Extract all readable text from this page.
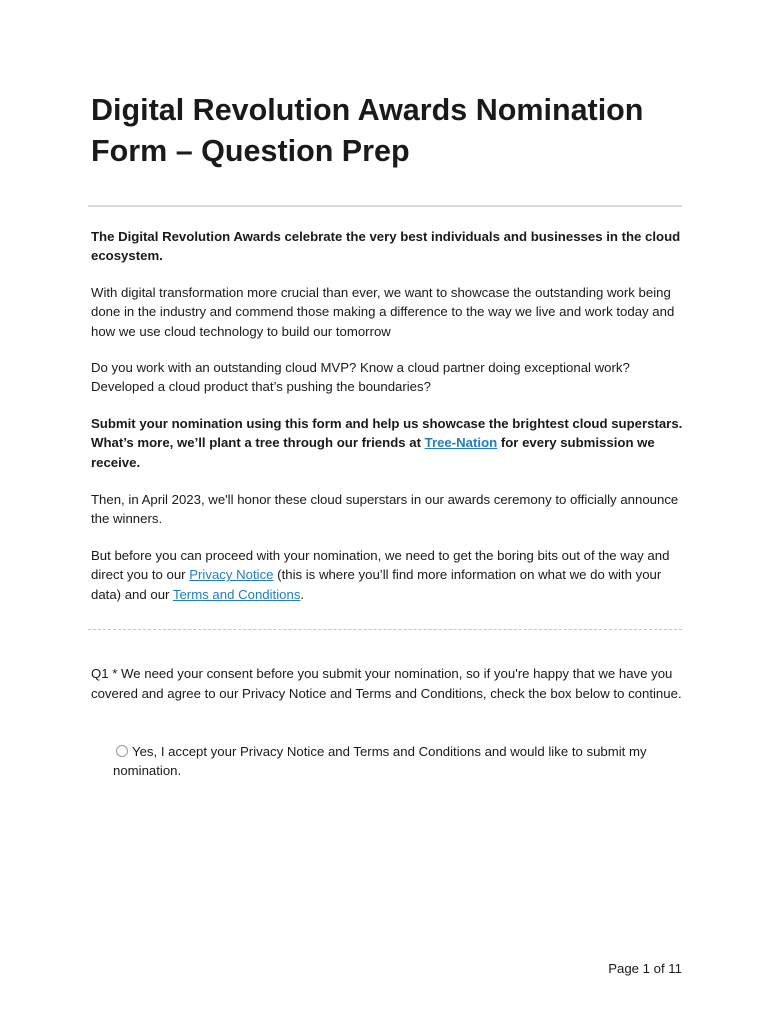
Digital Revolution Awards Nomination Form – Question Prep

The Digital Revolution Awards celebrate the very best individuals and businesses in the cloud ecosystem.

With digital transformation more crucial than ever, we want to showcase the outstanding work being done in the industry and commend those making a difference to the way we live and work today and how we use cloud technology to build our tomorrow

Do you work with an outstanding cloud MVP? Know a cloud partner doing exceptional work? Developed a cloud product that’s pushing the boundaries?

Submit your nomination using this form and help us showcase the brightest cloud superstars. What’s more, we’ll plant a tree through our friends at Tree-Nation for every submission we receive.

Then, in April 2023, we'll honor these cloud superstars in our awards ceremony to officially announce the winners.

But before you can proceed with your nomination, we need to get the boring bits out of the way and direct you to our Privacy Notice (this is where you’ll find more information on what we do with your data) and our Terms and Conditions.

Q1 * We need your consent before you submit your nomination, so if you're happy that we have you covered and agree to our Privacy Notice and Terms and Conditions, check the box below to continue.

Yes, I accept your Privacy Notice and Terms and Conditions and would like to submit my nomination.
Page 1 of 11
